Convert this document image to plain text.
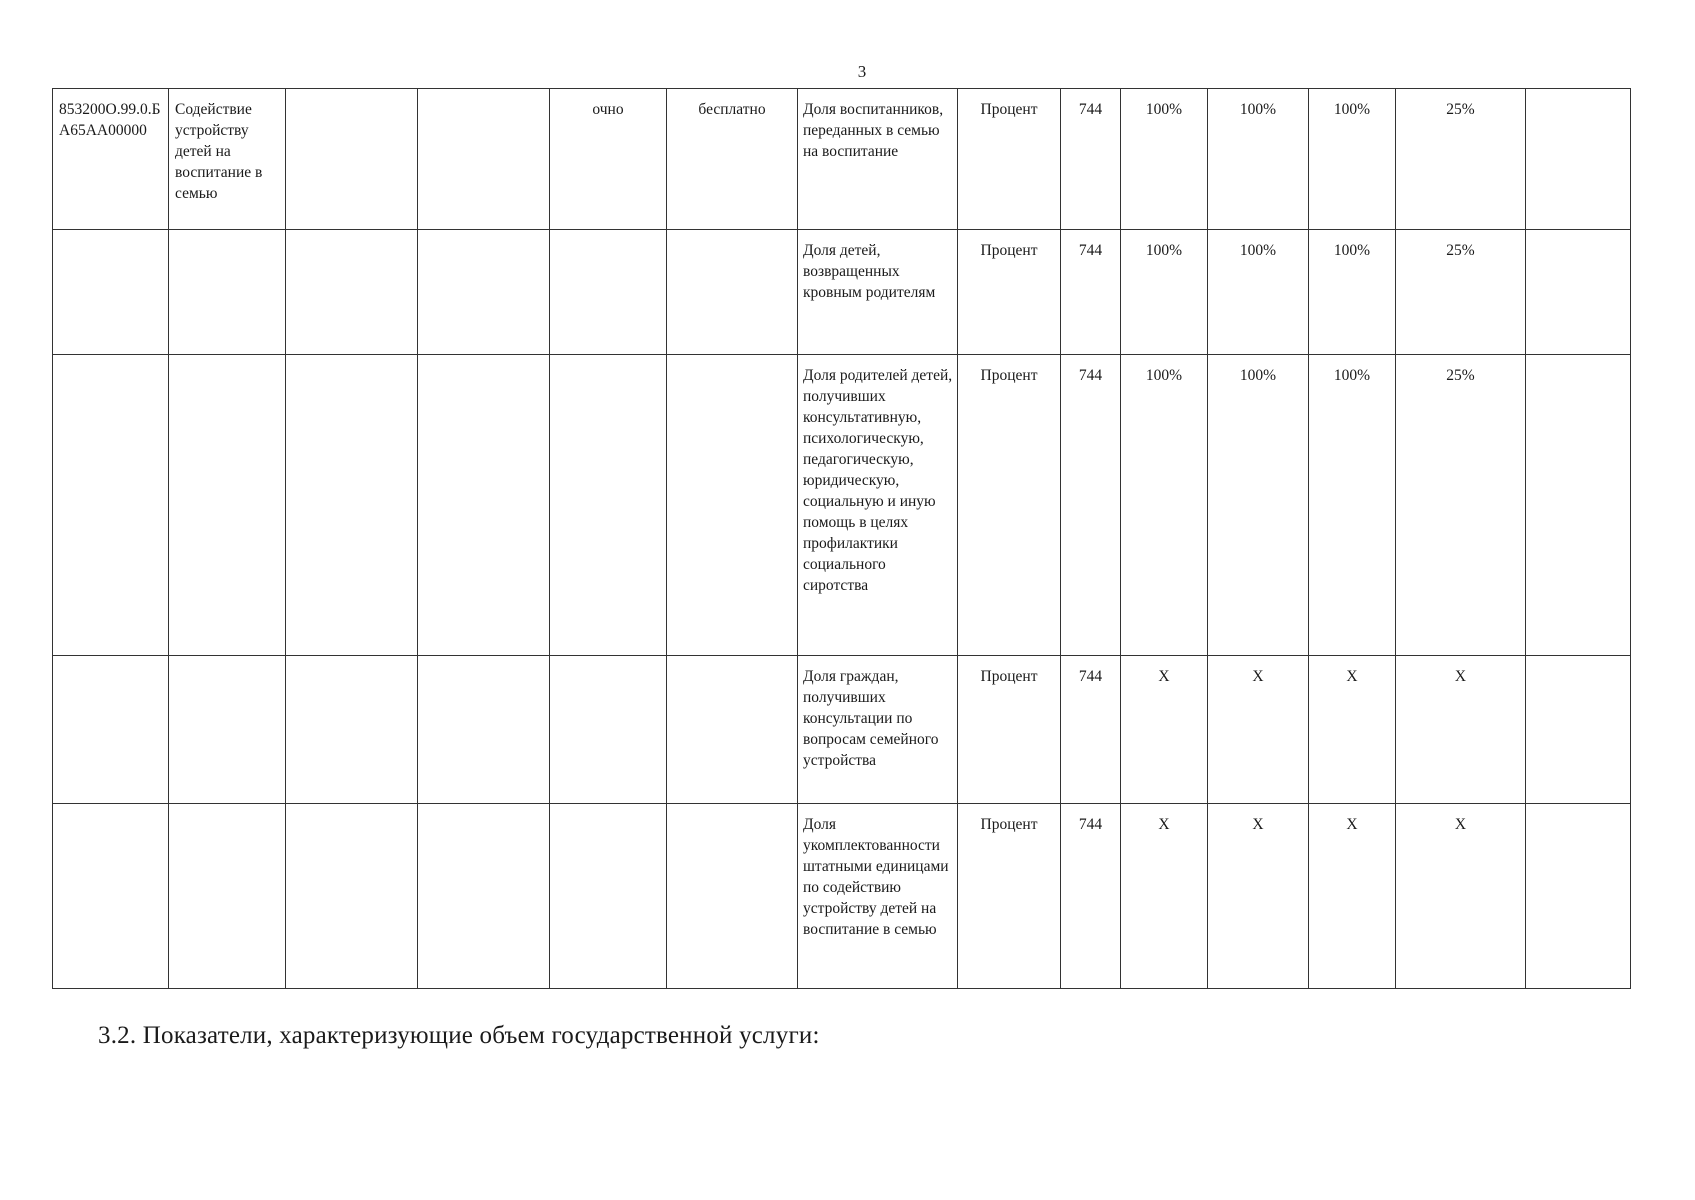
3
853200О.99.0.БА65АА00000	Содействие устройству детей на воспитание в семью			очно	бесплатно	Доля воспитанников, переданных в семью на воспитание	Процент	744	100%	100%	100%	25%	
						Доля детей, возвращенных кровным родителям	Процент	744	100%	100%	100%	25%	
						Доля родителей детей, получивших консультативную, психологическую, педагогическую, юридическую, социальную и иную помощь в целях профилактики социального сиротства	Процент	744	100%	100%	100%	25%	
						Доля граждан, получивших консультации по вопросам семейного устройства	Процент	744	Х	Х	Х	Х	
						Доля укомплектованности штатными единицами по содействию устройству детей на воспитание в семью	Процент	744	Х	Х	Х	Х	
3.2. Показатели, характеризующие объем государственной услуги:
